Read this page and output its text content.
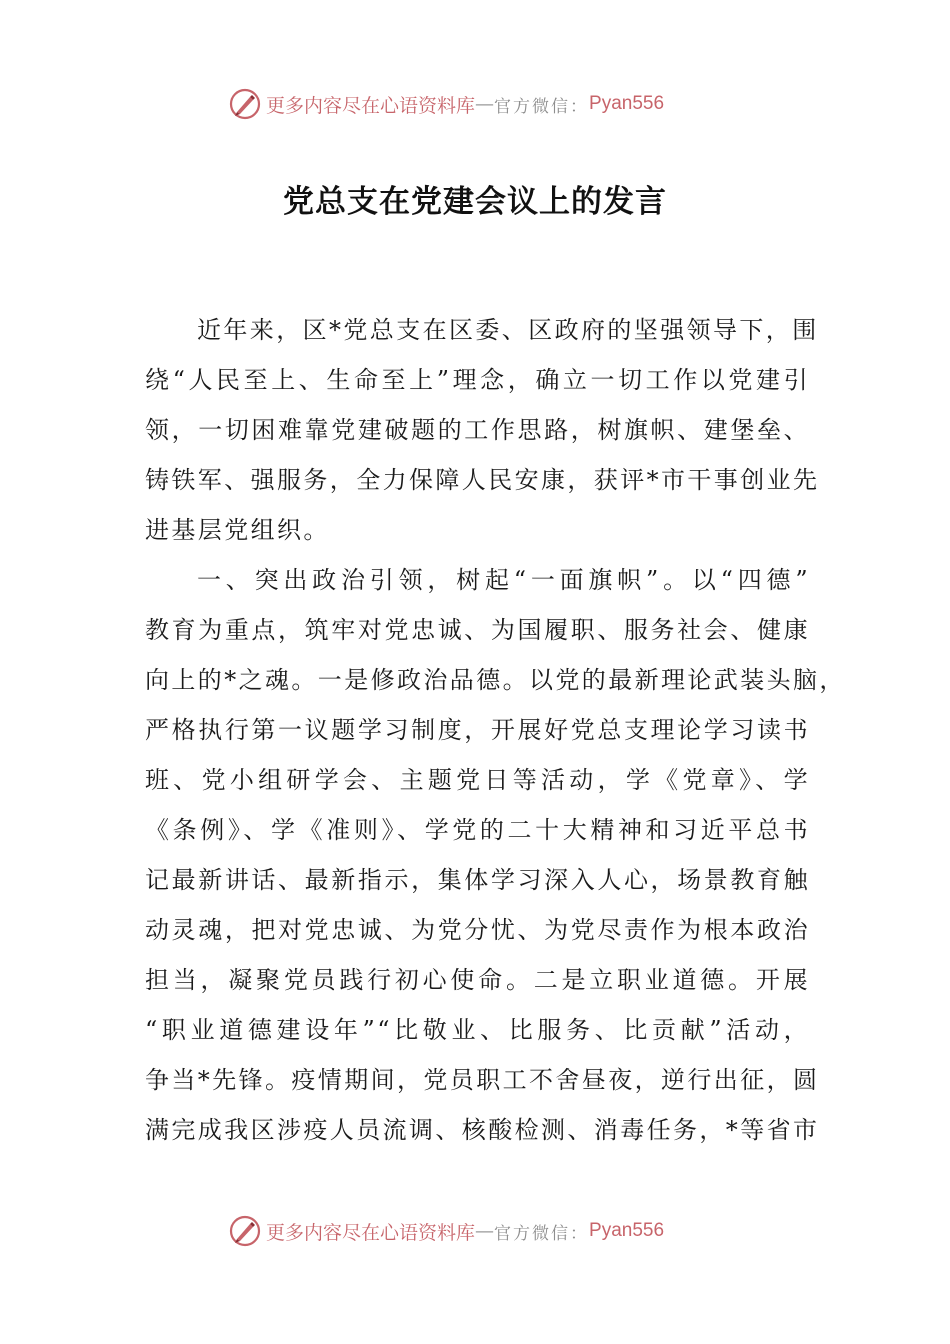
更多内容尽在心语资料库 — 官方微信： Pyan556
党总支在党建会议上的发言
近年来，区*党总支在区委、区政府的坚强领导下，围
绕“人民至上、生命至上”理念，确立一切工作以党建引
领，一切困难靠党建破题的工作思路，树旗帜、建堡垒、
铸铁军、强服务，全力保障人民安康，获评*市干事创业先
进基层党组织。
一、突出政治引领，树起“一面旗帜”。以“四德”
教育为重点，筑牢对党忠诚、为国履职、服务社会、健康
向上的*之魂。一是修政治品德。以党的最新理论武装头脑，
严格执行第一议题学习制度，开展好党总支理论学习读书
班、党小组研学会、主题党日等活动，学《党章》、学
《条例》、学《准则》、学党的二十大精神和习近平总书
记最新讲话、最新指示，集体学习深入人心，场景教育触
动灵魂，把对党忠诚、为党分忧、为党尽责作为根本政治
担当，凝聚党员践行初心使命。二是立职业道德。开展
“职业道德建设年”“比敬业、比服务、比贡献”活动，
争当*先锋。疫情期间，党员职工不舍昼夜，逆行出征，圆
满完成我区涉疫人员流调、核酸检测、消毒任务，*等省市
更多内容尽在心语资料库 — 官方微信： Pyan556
